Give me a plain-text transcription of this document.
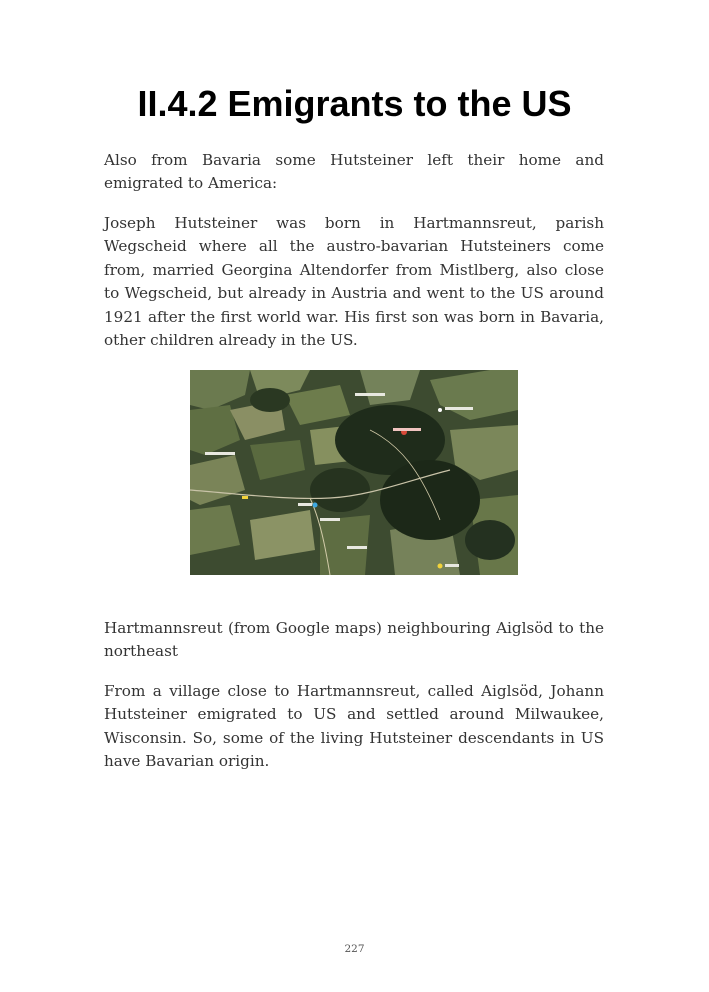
II.4.2 Emigrants to the US

Also from Bavaria some Hutsteiner left their home and emigrated to America:

Joseph Hutsteiner was born in Hartmannsreut, parish Wegscheid where all the austro-bavarian Hutsteiners come from, married Georgina Altendorfer from Mistlberg, also close to Wegscheid, but already in Austria and went to the US around 1921 after the first world war. His first son was born in Bavaria, other children already in the US.

Hartmannsreut (from Google maps) neighbouring Aiglsöd to the northeast

From a village close to Hartmannsreut, called Aiglsöd, Johann Hutsteiner emigrated to US and settled around Milwaukee, Wisconsin. So, some of the living Hutsteiner descendants in US have Bavarian origin.

227
